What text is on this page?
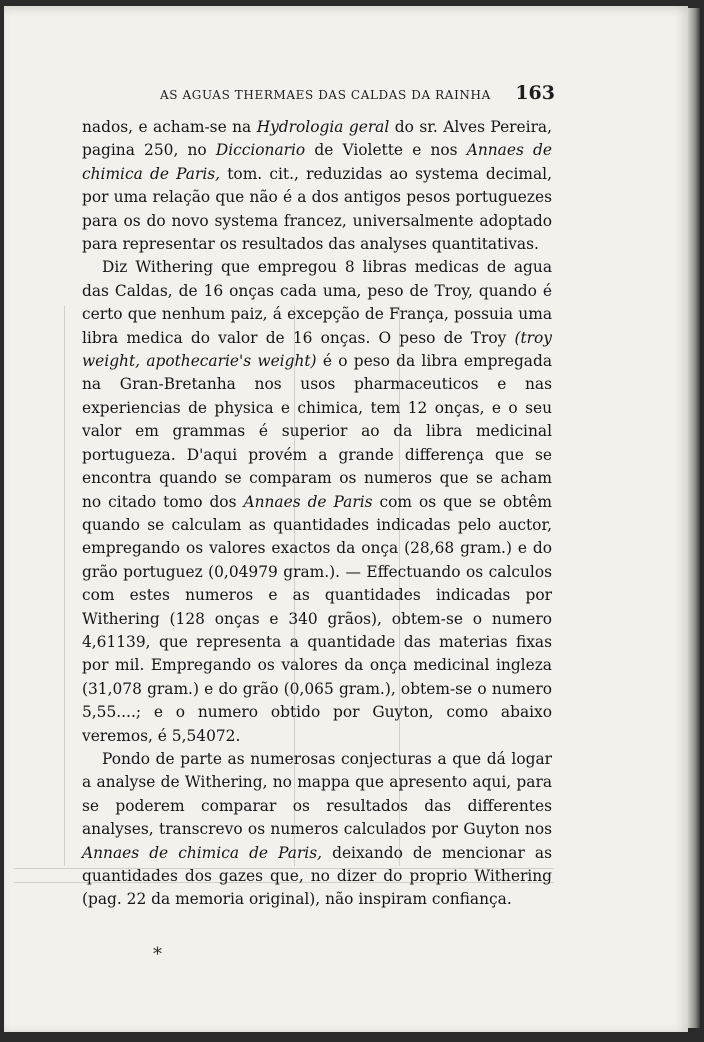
AS AGUAS THERMAES DAS CALDAS DA RAINHA 163

nados, e acham-se na Hydrologia geral do sr. Alves Pereira, pagina 250, no Diccionario de Violette e nos Annaes de chimica de Paris, tom. cit., reduzidas ao systema decimal, por uma relação que não é a dos antigos pesos portuguezes para os do novo systema francez, universalmente adoptado para representar os resultados das analyses quantitativas.

Diz Withering que empregou 8 libras medicas de agua das Caldas, de 16 onças cada uma, peso de Troy, quando é certo que nenhum paiz, á excepção de França, possuia uma libra medica do valor de 16 onças. O peso de Troy (troy weight, apothecarie's weight) é o peso da libra empregada na Gran-Bretanha nos usos pharmaceuticos e nas experiencias de physica e chimica, tem 12 onças, e o seu valor em grammas é superior ao da libra medicinal portugueza. D'aqui provém a grande differença que se encontra quando se comparam os numeros que se acham no citado tomo dos Annaes de Paris com os que se obtêm quando se calculam as quantidades indicadas pelo auctor, empregando os valores exactos da onça (28,68 gram.) e do grão portuguez (0,04979 gram.). — Effectuando os calculos com estes numeros e as quantidades indicadas por Withering (128 onças e 340 grãos), obtem-se o numero 4,61139, que representa a quantidade das materias fixas por mil. Empregando os valores da onça medicinal ingleza (31,078 gram.) e do grão (0,065 gram.), obtem-se o numero 5,55....; e o numero obtido por Guyton, como abaixo veremos, é 5,54072.

Pondo de parte as numerosas conjecturas a que dá logar a analyse de Withering, no mappa que apresento aqui, para se poderem comparar os resultados das differentes analyses, transcrevo os numeros calculados por Guyton nos Annaes de chimica de Paris, deixando de mencionar as quantidades dos gazes que, no dizer do proprio Withering (pag. 22 da memoria original), não inspiram confiança.

*
